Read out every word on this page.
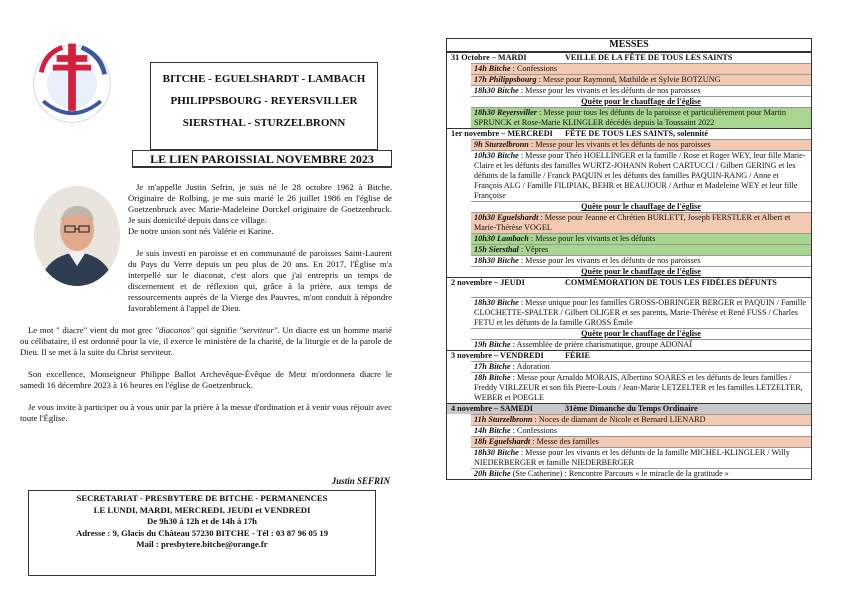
BITCHE - EGUELSHARDT - LAMBACH
PHILIPPSBOURG - REYERSVILLER
SIERSTHAL - STURZELBRONN
LE LIEN PAROISSIAL NOVEMBRE 2023

Je m'appelle Justin Sefrin, je suis né le 28 octobre 1962 à Bitche. Originaire de Rolbing, je me suis marié le 26 juillet 1986 en l'église de Goetzenbruck avec Marie-Madeleine Dorckel originaire de Goetzenbruck. Je suis domicilié depuis dans ce village.

De notre union sont nés Valérie et Karine.

Je suis investi en paroisse et en communauté de paroisses Saint-Laurent du Pays du Verre depuis un peu plus de 20 ans. En 2017, l'Église m'a interpellé sur le diaconat, c'est alors que j'ai entrepris un temps de discernement et de réflexion qui, grâce à la prière, aux temps de ressourcements auprès de la Vierge des Pauvres, m'ont conduit à répondre favorablement à l'appel de Dieu.

Le mot " diacre" vient du mot grec "diaconos" qui signifie "serviteur". Un diacre est un homme marié ou célibataire, il est ordonné pour la vie, il exerce le ministère de la charité, de la liturgie et de la parole de Dieu. Il se met à la suite du Christ serviteur.

Son excellence, Monseigneur Philippe Ballot Archevêque-Évêque de Metz m'ordonnera diacre le samedi 16 décembre 2023 à 16 heures en l'église de Goetzenbruck.

Je vous invite à participer ou à vous unir par la prière à la messe d'ordination et à venir vous réjouir avec toute l'Église.

Justin SEFRIN
SECRETARIAT - PRESBYTERE DE BITCHE - PERMANENCES
LE LUNDI, MARDI, MERCREDI, JEUDI et VENDREDI
De 9h30 à 12h et de 14h à 17h
Adresse : 9, Glacis du Château 57230 BITCHE - Tél : 03 87 96 05 19
Mail : presbytere.bitche@orange.fr
MESSES
31 Octobre – MARDI	VEILLE DE LA FÊTE DE TOUS LES SAINTS
14h Bitche : Confessions
17h Philippsbourg : Messe pour Raymond, Mathilde et Sylvie BOTZUNG
18h30 Bitche : Messe pour les vivants et les défunts de nos paroisses
Quête pour le chauffage de l'église
18h30 Reyersviller : Messe pour tous les défunts de la paroisse et particulièrement pour Martin SPRUNCK et Rose-Marie KLINGLER décédés depuis la Toussaint 2022
1er novembre – MERCREDI FÊTE DE TOUS LES SAINTS, solennité
9h Sturzelbronn : Messe pour les vivants et les défunts de nos paroisses
10h30 Bitche : Messe pour Théo HOELLINGER et la famille / Rose et Roger WEY, leur fille Marie-Claire et les défunts des familles WURTZ-JOHANN Robert CARTUCCI / Gilbert GERING et les défunts de la famille / Franck PAQUIN et les défunts des familles PAQUIN-RANG / Anne et François ALG / Famille FILIPIAK, BEHR et BEAUJOUR / Arthur et Madeleine WEY et leur fille Françoise
Quête pour le chauffage de l'église
10h30 Eguelshardt : Messe pour Jeanne et Chrétien BURLETT, Joseph FERSTLER et Albert et Marie-Thérèse VOGEL
10h30 Lambach : Messe pour les vivants et les défunts
15h Siersthal : Vêpres
18h30 Bitche : Messe pour les vivants et les défunts de nos paroisses
Quête pour le chauffage de l'église
2 novembre – JEUDI	COMMÉMORATION DE TOUS LES FIDÈLES DÉFUNTS
18h30 Bitche : Messe unique pour les familles GROSS-OBRINGER BERGER et PAQUIN / Famille CLOCHETTE-SPALTER / Gilbert OLIGER et ses parents, Marie-Thérèse et René FUSS / Charles FETU et les défunts de la famille GROSS Émile
Quête pour le chauffage de l'église
19h Bitche : Assemblée de prière charismatique, groupe ADONAÏ
3 novembre – VENDREDI	FÉRIE
17h Bitche : Adoration
18h Bitche : Messe pour Arnaldo MORAIS, Albertino SOARES et les défunts de leurs familles / Freddy VIRLZEUR et son fils Pierre-Louis / Jean-Marie LETZELTER et les familles LETZELTER, WEBER et POEGLE
4 novembre – SAMEDI	31ème Dimanche du Temps Ordinaire
11h Sturzelbronn : Noces de diamant de Nicole et Bernard LIENARD
14h Bitche : Confessions
18h Eguelshardt : Messe des familles
18h30 Bitche : Messe pour les vivants et les défunts de la famille MICHEL-KLINGLER / Willy NIEDERBERGER et famille NIEDERBERGER
20h Bitche (Ste Catherine) : Rencontre Parcours « le miracle de la gratitude »
